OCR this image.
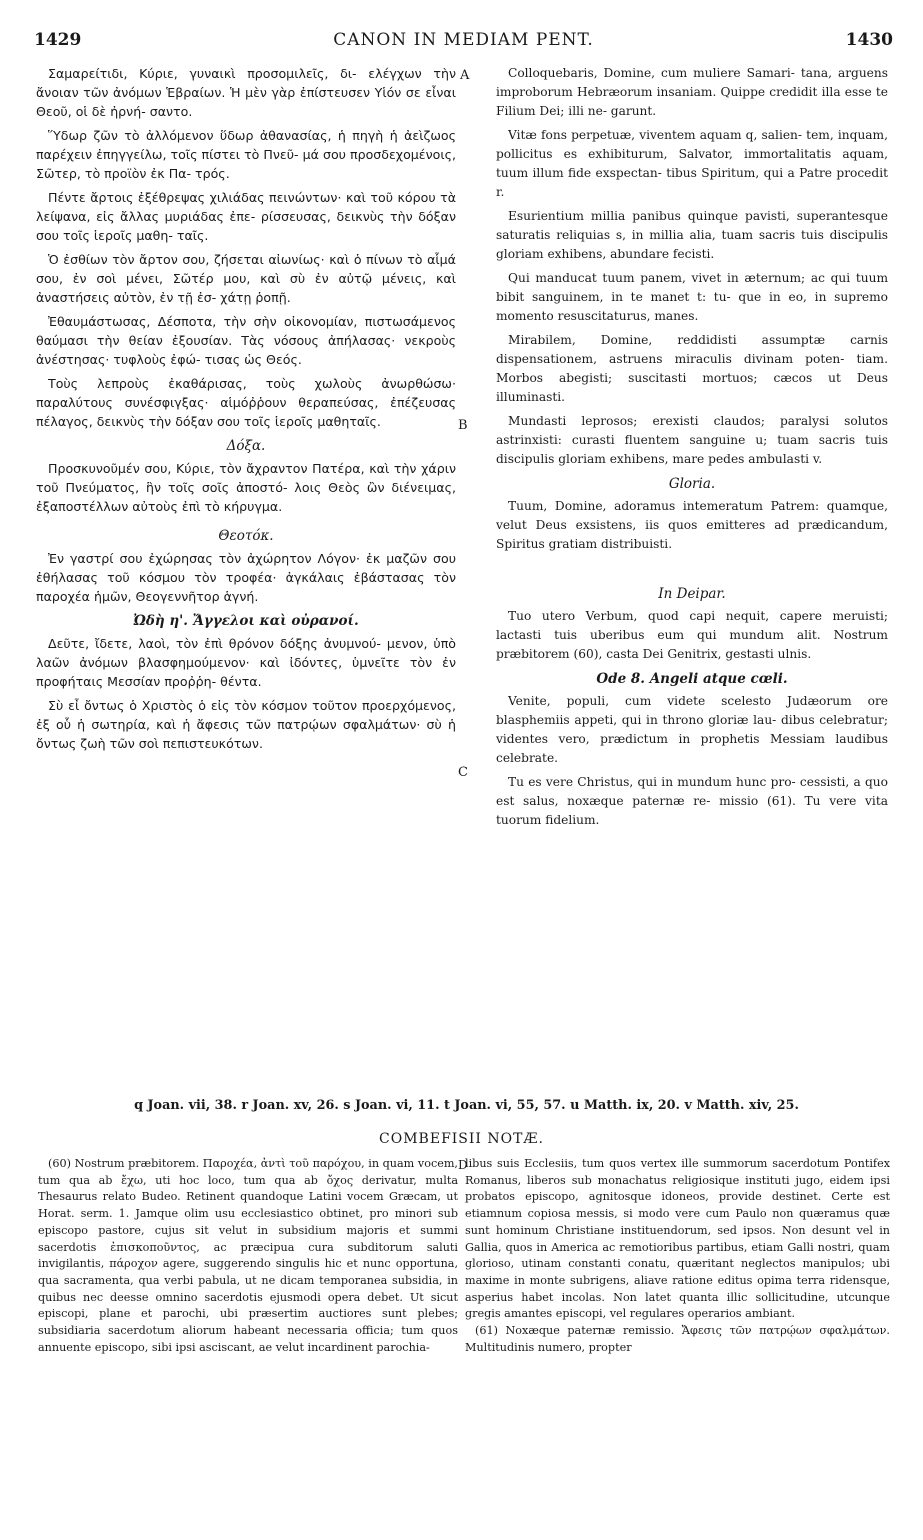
1429	CANON IN MEDIAM PENT.	1430
A
B
C

Σαμαρείτιδι, Κύριε, γυναικὶ προσομιλεῖς, δι- ελέγχων τὴν ἄνοιαν τῶν ἀνόμων Ἑβραίων. Ἡ μὲν γὰρ ἐπίστευσεν Υἱόν σε εἶναι Θεοῦ, οἱ δὲ ἠρνή- σαντο.

Ὕδωρ ζῶν τὸ ἀλλόμενον ὕδωρ ἀθανασίας, ἡ πηγὴ ἡ ἀεὶζωος παρέχειν ἐπηγγείλω, τοῖς πίστει τὸ Πνεῦ- μά σου προσδεχομένοις, Σῶτερ, τὸ προϊὸν ἐκ Πα- τρός.

Πέντε ἄρτοις ἐξέθρεψας χιλιάδας πεινώντων· καὶ τοῦ κόρου τὰ λείψανα, εἰς ἄλλας μυριάδας ἐπε- ρίσσευσας, δεικνὺς τὴν δόξαν σου τοῖς ἱεροῖς μαθη- ταῖς.

Ὁ ἐσθίων τὸν ἄρτον σου, ζήσεται αἰωνίως· καὶ ὁ πίνων τὸ αἷμά σου, ἐν σοὶ μένει, Σῶτέρ μου, καὶ σὺ ἐν αὐτῷ μένεις, καὶ ἀναστήσεις αὐτὸν, ἐν τῇ ἐσ- χάτῃ ῥοπῇ.

Ἐθαυμάστωσας, Δέσποτα, τὴν σὴν οἰκονομίαν, πιστωσάμενος θαύμασι τὴν θείαν ἐξουσίαν. Τὰς νόσους ἀπήλασας· νεκροὺς ἀνέστησας· τυφλοὺς ἐφώ- τισας ὡς Θεός.

Τοὺς λεπροὺς ἐκαθάρισας, τοὺς χωλοὺς ἀνωρθώσω· παραλύτους συνέσφιγξας· αἱμόῤῥουν θεραπεύσας, ἐπέζευσας πέλαγος, δεικνὺς τὴν δόξαν σου τοῖς ἱεροῖς μαθηταῖς.

Δόξα.

Προσκυνοῦμέν σου, Κύριε, τὸν ἄχραντον Πατέρα, καὶ τὴν χάριν τοῦ Πνεύματος, ἣν τοῖς σοῖς ἀποστό- λοις Θεὸς ὢν διένειμας, ἐξαποστέλλων αὐτοὺς ἐπὶ τὸ κήρυγμα.

Θεοτόκ.

Ἐν γαστρί σου ἐχώρησας τὸν ἀχώρητον Λόγον· ἐκ μαζῶν σου ἐθήλασας τοῦ κόσμου τὸν τροφέα· ἀγκάλαις ἐβάστασας τὸν παροχέα ἡμῶν, Θεογεννῆτορ ἁγνή.

Ὠδὴ η'. Ἄγγελοι καὶ οὐρανοί.

Δεῦτε, ἴδετε, λαοὶ, τὸν ἐπὶ θρόνον δόξης ἀνυμνού- μενον, ὑπὸ λαῶν ἀνόμων βλασφημούμενον· καὶ ἰδόντες, ὑμνεῖτε τὸν ἐν προφήταις Μεσσίαν προῤῥη- θέντα.

Σὺ εἶ ὄντως ὁ Χριστὸς ὁ εἰς τὸν κόσμον τοῦτον προερχόμενος, ἐξ οὗ ἡ σωτηρία, καὶ ἡ ἄφεσις τῶν πατρῴων σφαλμάτων· σὺ ἡ ὄντως ζωὴ τῶν σοὶ πεπιστευκότων.

Colloquebaris, Domine, cum muliere Samari- tana, arguens improborum Hebræorum insaniam. Quippe credidit illa esse te Filium Dei; illi ne- garunt.

Vitæ fons perpetuæ, viventem aquam q, salien- tem, inquam, pollicitus es exhibiturum, Salvator, immortalitatis aquam, tuum illum fide exspectan- tibus Spiritum, qui a Patre procedit r.

Esurientium millia panibus quinque pavisti, superantesque saturatis reliquias s, in millia alia, tuam sacris tuis discipulis gloriam exhibens, abundare fecisti.

Qui manducat tuum panem, vivet in æternum; ac qui tuum bibit sanguinem, in te manet t: tu- que in eo, in supremo momento resuscitaturus, manes.

Mirabilem, Domine, reddidisti assumptæ carnis dispensationem, astruens miraculis divinam poten- tiam. Morbos abegisti; suscitasti mortuos; cæcos ut Deus illuminasti.

Mundasti leprosos; erexisti claudos; paralysi solutos astrinxisti: curasti fluentem sanguine u; tuam sacris tuis discipulis gloriam exhibens, mare pedes ambulasti v.

Gloria.

Tuum, Domine, adoramus intemeratum Patrem: quamque, velut Deus exsistens, iis quos emitteres ad prædicandum, Spiritus gratiam distribuisti.

In Deipar.

Tuo utero Verbum, quod capi nequit, capere meruisti; lactasti tuis uberibus eum qui mundum alit. Nostrum præbitorem (60), casta Dei Genitrix, gestasti ulnis.

Ode 8. Angeli atque cœli.

Venite, populi, cum videte scelesto Judæorum ore blasphemiis appeti, qui in throno gloriæ lau- dibus celebratur; videntes vero, prædictum in prophetis Messiam laudibus celebrate.

Tu es vere Christus, qui in mundum hunc pro- cessisti, a quo est salus, noxæque paternæ re- missio (61). Tu vere vita tuorum fidelium.

q Joan. vii, 38. r Joan. xv, 26. s Joan. vi, 11. t Joan. vi, 55, 57. u Matth. ix, 20. v Matth. xiv, 25.
COMBEFISII NOTÆ.

(60) Nostrum præbitorem. Παροχέα, ἀντὶ τοῦ παρόχου, in quam vocem, tum qua ab ἔχω, uti hoc loco, tum qua ab ὄχος derivatur, multa Thesaurus relato Budeo. Retinent quandoque Latini vocem Græcam, ut Horat. serm. 1. Jamque olim usu ecclesiastico obtinet, pro minori sub episcopo pastore, cujus sit velut in subsidium majoris et summi sacerdotis ἐπισκοποῦντος, ac præcipua cura subditorum saluti invigilantis, πάροχον agere, suggerendo singulis hic et nunc opportuna, qua sacramenta, qua verbi pabula, ut ne dicam temporanea subsidia, in quibus nec deesse omnino sacerdotis ejusmodi opera debet. Ut sicut episcopi, plane et parochi, ubi præsertim auctiores sunt plebes; subsidiaria sacerdotum aliorum habeant necessaria officia; tum quos annuente episcopo, sibi ipsi asciscant, ae velut incardinent parochia-

D

libus suis Ecclesiis, tum quos vertex ille summorum sacerdotum Pontifex Romanus, liberos sub monachatus religiosique instituti jugo, eidem ipsi probatos episcopo, agnitosque idoneos, provide destinet. Certe est etiamnum copiosa messis, si modo vere cum Paulo non quæramus quæ sunt hominum Christiane instituendorum, sed ipsos. Non desunt vel in Gallia, quos in America ac remotioribus partibus, etiam Galli nostri, quam glorioso, utinam constanti conatu, quæritant neglectos manipulos; ubi maxime in monte subrigens, aliave ratione editus opima terra ridensque, asperius habet incolas. Non latet quanta illic sollicitudine, utcunque gregis amantes episcopi, vel regulares operarios ambiant.

(61) Noxæque paternæ remissio. Ἄφεσις τῶν πατρῴων σφαλμάτων. Multitudinis numero, propter
